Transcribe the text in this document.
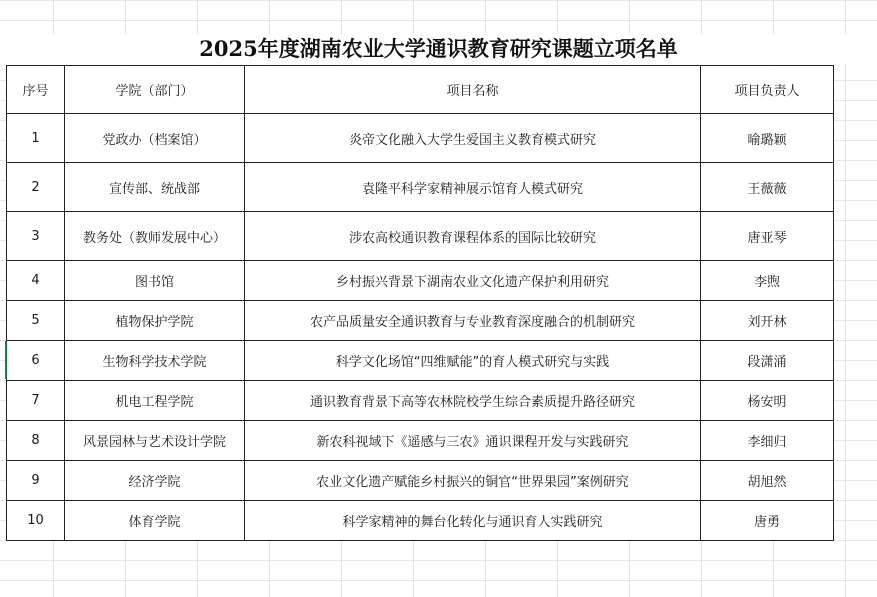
2025年度湖南农业大学通识教育研究课题立项名单
序号	学院（部门）	项目名称	项目负责人
1	党政办（档案馆）	炎帝文化融入大学生爱国主义教育模式研究	喻璐颖
2	宣传部、统战部	袁隆平科学家精神展示馆育人模式研究	王薇薇
3	教务处（教师发展中心）	涉农高校通识教育课程体系的国际比较研究	唐亚琴
4	图书馆	乡村振兴背景下湖南农业文化遗产保护利用研究	李煦
5	植物保护学院	农产品质量安全通识教育与专业教育深度融合的机制研究	刘开林
6	生物科学技术学院	科学文化场馆“四维赋能”的育人模式研究与实践	段潇涌
7	机电工程学院	通识教育背景下高等农林院校学生综合素质提升路径研究	杨安明
8	风景园林与艺术设计学院	新农科视域下《遥感与三农》通识课程开发与实践研究	李细归
9	经济学院	农业文化遗产赋能乡村振兴的铜官“世界果园”案例研究	胡旭然
10	体育学院	科学家精神的舞台化转化与通识育人实践研究	唐勇
